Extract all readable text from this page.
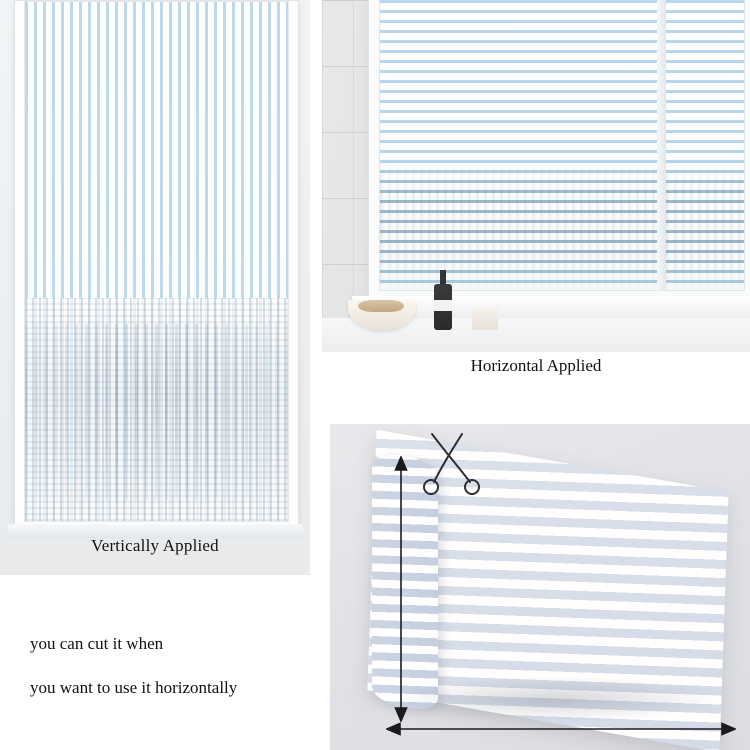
Vertically Applied
Horizontal Applied
you can cut it when
you want to use it horizontally
